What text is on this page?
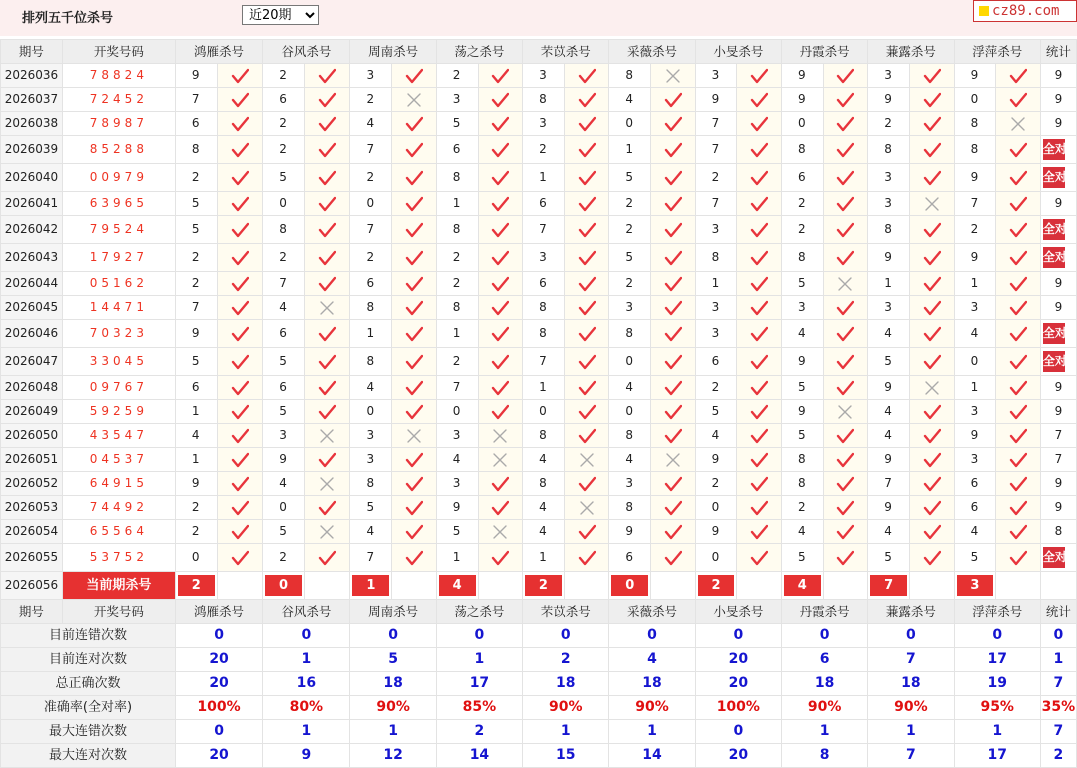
排列五千位杀号
近20期	cz89.com
期号	开奖号码	鸿雁杀号		谷风杀号		周南杀号		荡之杀号		芣苡杀号		采薇杀号		小旻杀号		丹霞杀号		蒹露杀号		浮萍杀号		统计
2026036	78824	9		2		3		2		3		8		3		9		3		9		9
2026037	72452	7		6		2		3		8		4		9		9		9		0		9
2026038	78987	6		2		4		5		3		0		7		0		2		8		9
2026039	85288	8		2		7		6		2		1		7		8		8		8		全对

2026040	00979	2		5		2		8		1		5		2		6		3		9		全对

2026041	63965	5		0		0		1		6		2		7		2		3		7		9
2026042	79524	5		8		7		8		7		2		3		2		8		2		全对

2026043	17927	2		2		2		2		3		5		8		8		9		9		全对

2026044	05162	2		7		6		2		6		2		1		5		1		1		9
2026045	14471	7		4		8		8		8		3		3		3		3		3		9
2026046	70323	9		6		1		1		8		8		3		4		4		4		全对

2026047	33045	5		5		8		2		7		0		6		9		5		0		全对

2026048	09767	6		6		4		7		1		4		2		5		9		1		9
2026049	59259	1		5		0		0		0		0		5		9		4		3		9
2026050	43547	4		3		3		3		8		8		4		5		4		9		7
2026051	04537	1		9		3		4		4		4		9		8		9		3		7
2026052	64915	9		4		8		3		8		3		2		8		7		6		9
2026053	74492	2		0		5		9		4		8		0		2		9		6		9
2026054	65564	2		5		4		5		4		9		9		4		4		4		8
2026055	53752	0		2		7		1		1		6		0		5		5		5		全对

2026056	当前期杀号	2		0		1		4		2		0		2		4		7		3		

期号	开奖号码	鸿雁杀号		谷风杀号		周南杀号		荡之杀号		芣苡杀号		采薇杀号		小旻杀号		丹霞杀号		蒹露杀号		浮萍杀号		统计
目前连错次数		0		0		0		0		0		0		0		0		0		0		0
目前连对次数		20		1		5		1		2		4		20		6		7		17		1
总正确次数		20		16		18		17		18		18		20		18		18		19		7
准确率(全对率)		100%		80%		90%		85%		90%		90%		100%		90%		90%		95%		35%
最大连错次数		0		1		1		2		1		1		0		1		1		1		7
最大连对次数		20		9		12		14		15		14		20		8		7		17		2
